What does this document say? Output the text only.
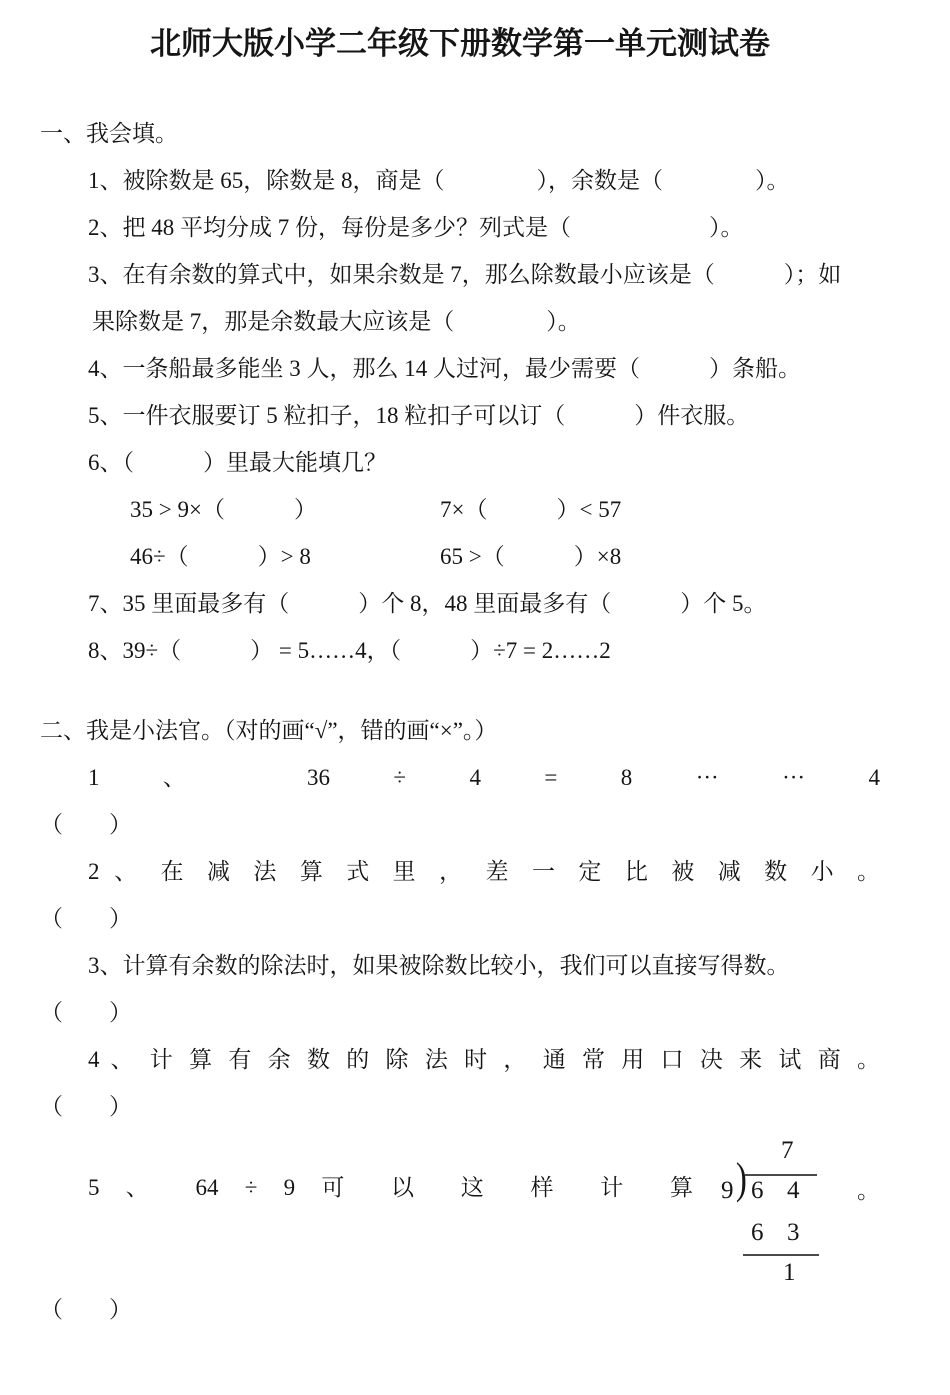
北师大版小学二年级下册数学第一单元测试卷
一、我会填。
1、被除数是 65，除数是 8，商是（　　　　），余数是（　　　　）。
2、把 48 平均分成 7 份，每份是多少？列式是（　　　　　　）。
3、在有余数的算式中，如果余数是 7，那么除数最小应该是（　　　）；如
果除数是 7，那是余数最大应该是（　　　　）。
4、一条船最多能坐 3 人，那么 14 人过河，最少需要（　　　）条船。
5、一件衣服要订 5 粒扣子，18 粒扣子可以订（　　　）件衣服。
6、（　　　）里最大能填几？
35 > 9×（　　　）	7×（　　　）< 57
46÷（　　　）> 8	65 >（　　　）×8
7、35 里面最多有（　　　）个 8，48 里面最多有（　　　）个 5。
8、39÷（　　　） = 5……4，（　　　）÷7 = 2……2
二、我是小法官。（对的画“√”，错的画“×”。）
1 、 36 ÷ 4 = 8 ··· ··· 4
（　　）
2 、 在 减 法 算 式 里 ， 差 一 定 比 被 减 数 小 。
（　　）
3、计算有余数的除法时，如果被除数比较小，我们可以直接写得数。
（　　）
4 、 计 算 有 余 数 的 除 法 时 ， 通 常 用 口 决 来 试 商 。
（　　）
5 、 64 ÷ 9 可 以 这 样 计 算
7
9 ) 6 4
6 3
1
。
（　　）
